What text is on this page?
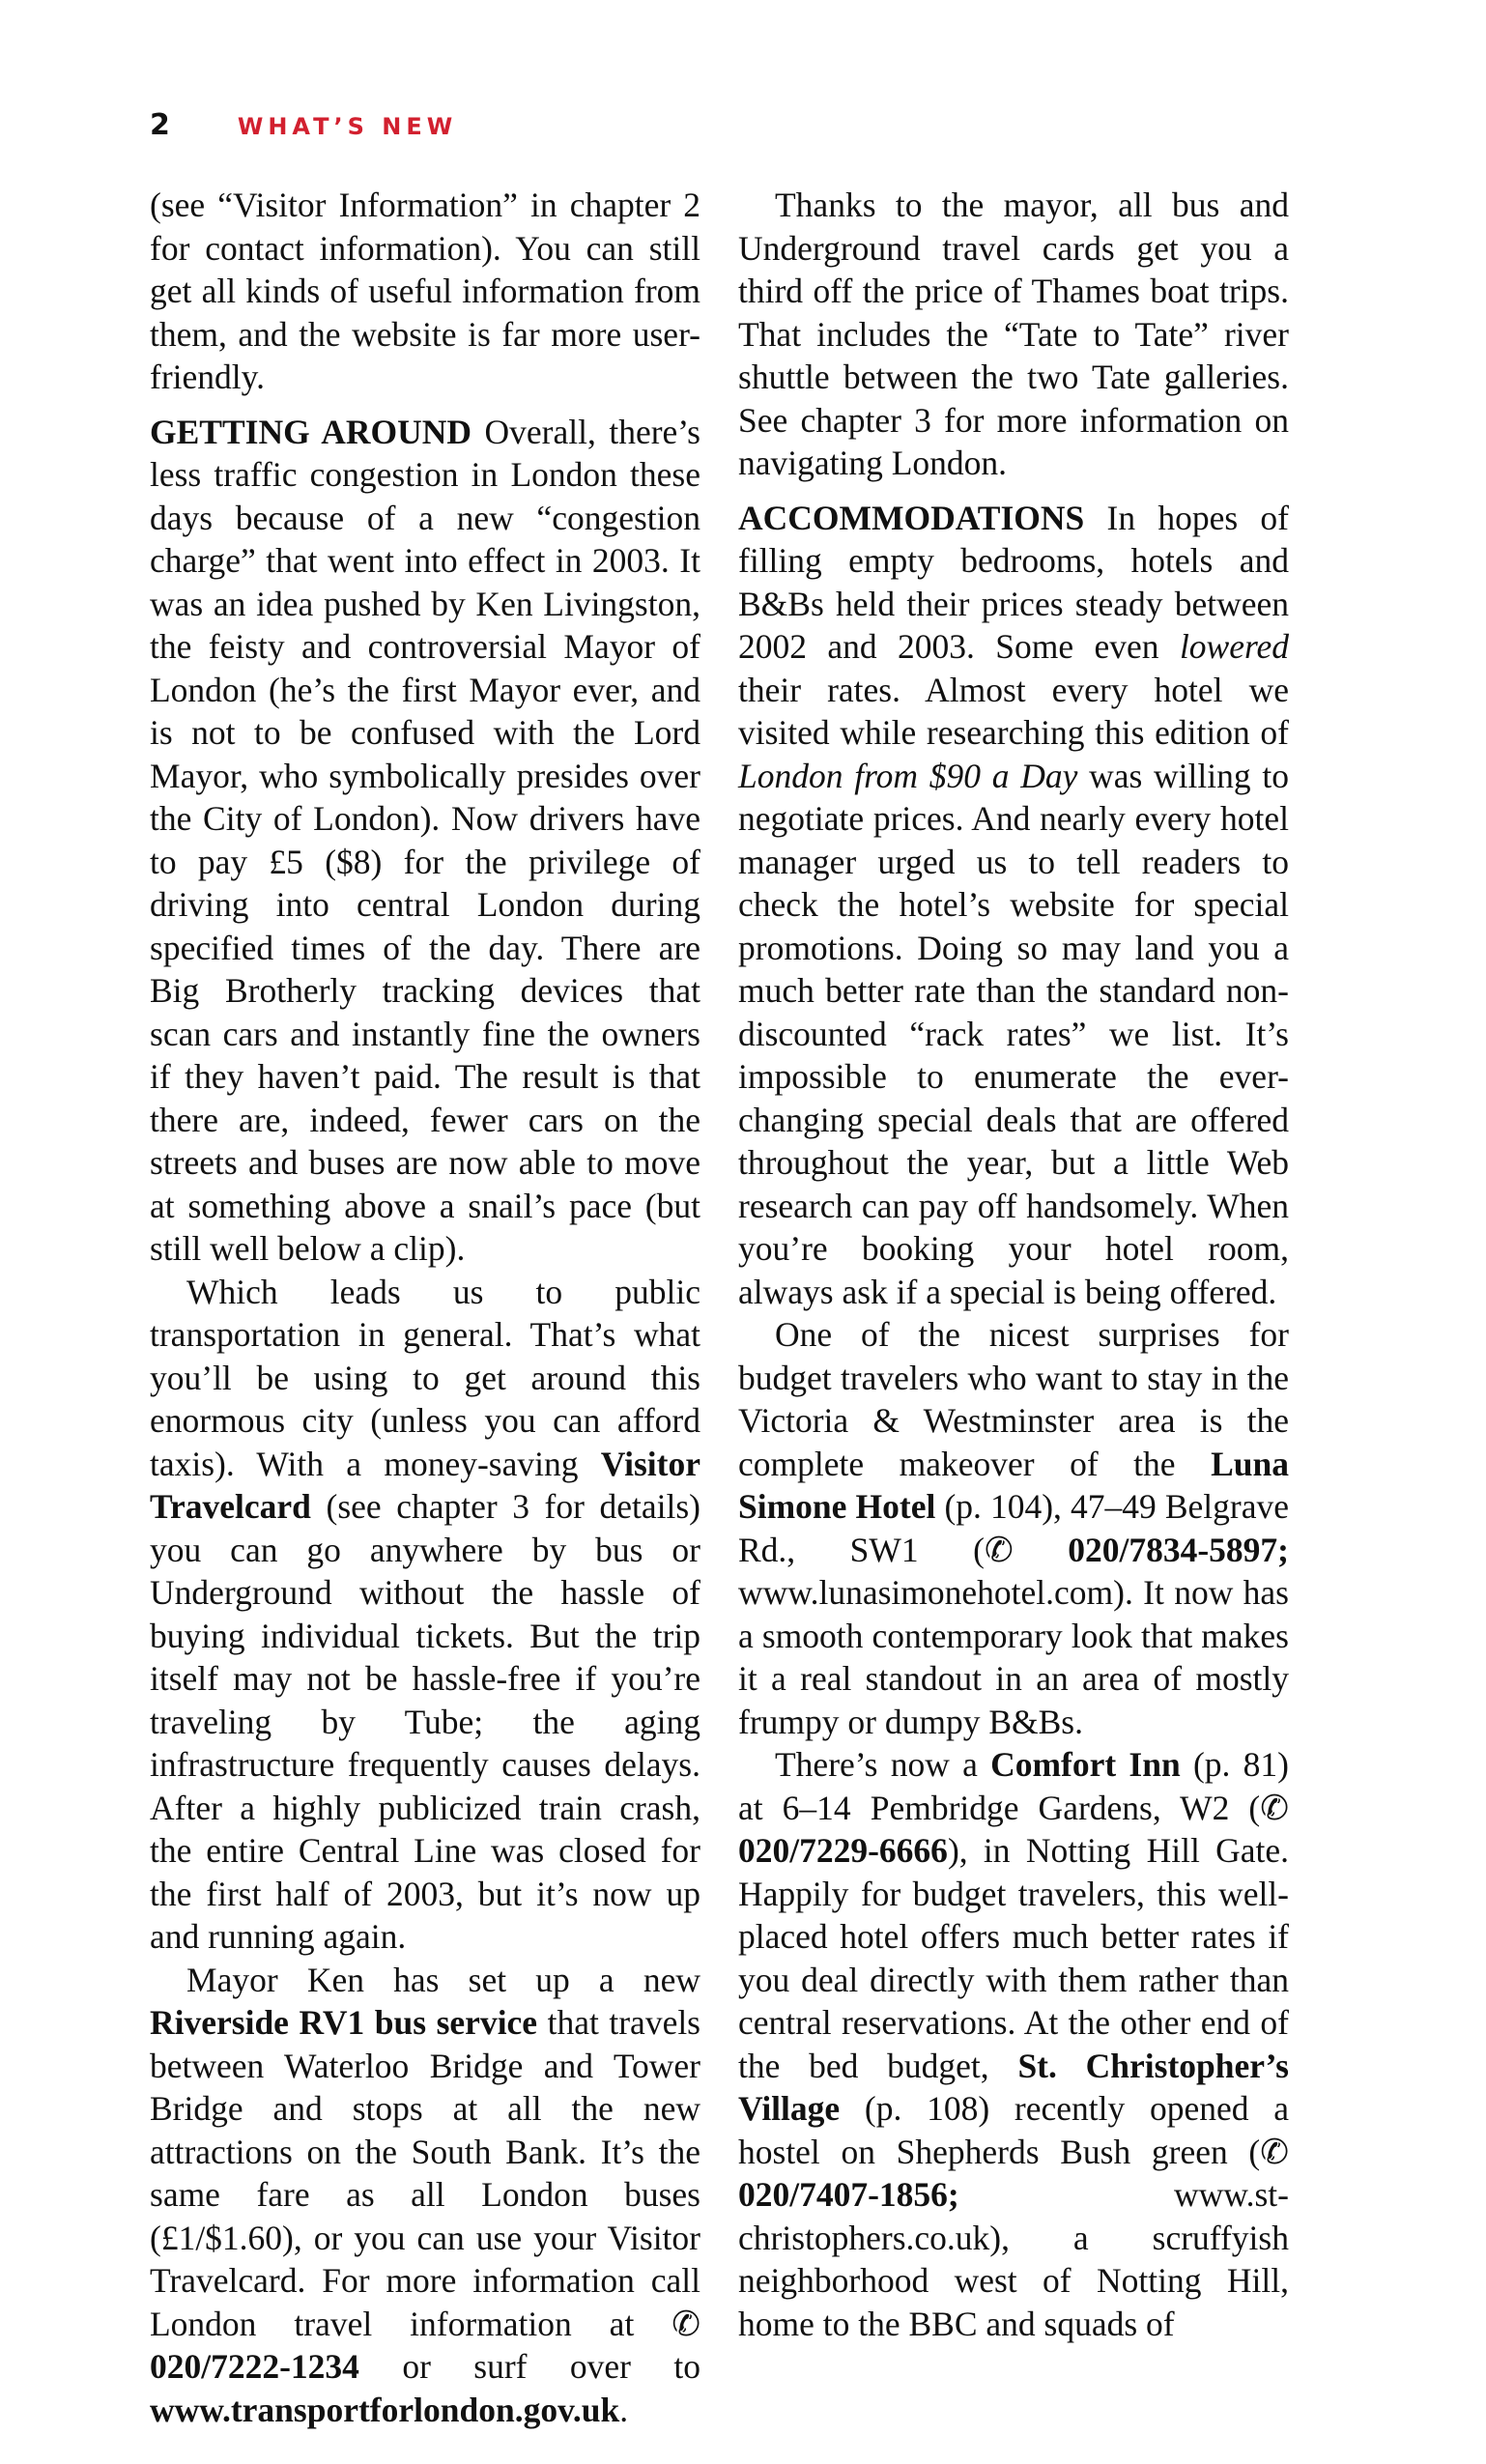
2	WHAT’S NEW

(see “Visitor Information” in chapter 2 for contact information). You can still get all kinds of useful information from them, and the website is far more user-friendly.

GETTING AROUND Overall, there’s less traffic congestion in London these days because of a new “congestion charge” that went into effect in 2003. It was an idea pushed by Ken Livingston, the feisty and controversial Mayor of London (he’s the first Mayor ever, and is not to be confused with the Lord Mayor, who symbolically presides over the City of London). Now drivers have to pay £5 ($8) for the privilege of driving into central London during specified times of the day. There are Big Brotherly tracking devices that scan cars and instantly fine the owners if they haven’t paid. The result is that there are, indeed, fewer cars on the streets and buses are now able to move at something above a snail’s pace (but still well below a clip).

Which leads us to public transportation in general. That’s what you’ll be using to get around this enormous city (unless you can afford taxis). With a money-saving Visitor Travelcard (see chapter 3 for details) you can go anywhere by bus or Underground without the hassle of buying individual tickets. But the trip itself may not be hassle-free if you’re traveling by Tube; the aging infrastructure frequently causes delays. After a highly publicized train crash, the entire Central Line was closed for the first half of 2003, but it’s now up and running again.

Mayor Ken has set up a new Riverside RV1 bus service that travels between Waterloo Bridge and Tower Bridge and stops at all the new attractions on the South Bank. It’s the same fare as all London buses (£1/$1.60), or you can use your Visitor Travelcard. For more information call London travel information at ✆ 020/7222-1234 or surf over to www.transportforlondon.gov.uk.

Thanks to the mayor, all bus and Underground travel cards get you a third off the price of Thames boat trips. That includes the “Tate to Tate” river shuttle between the two Tate galleries. See chapter 3 for more information on navigating London.

ACCOMMODATIONS In hopes of filling empty bedrooms, hotels and B&Bs held their prices steady between 2002 and 2003. Some even lowered their rates. Almost every hotel we visited while researching this edition of London from $90 a Day was willing to negotiate prices. And nearly every hotel manager urged us to tell readers to check the hotel’s website for special promotions. Doing so may land you a much better rate than the standard non-discounted “rack rates” we list. It’s impossible to enumerate the ever-changing special deals that are offered throughout the year, but a little Web research can pay off handsomely. When you’re booking your hotel room, always ask if a special is being offered.

One of the nicest surprises for budget travelers who want to stay in the Victoria & Westminster area is the complete makeover of the Luna Simone Hotel (p. 104), 47–49 Belgrave Rd., SW1 (✆ 020/7834-5897; www.lunasimonehotel.com). It now has a smooth contemporary look that makes it a real standout in an area of mostly frumpy or dumpy B&Bs.

There’s now a Comfort Inn (p. 81) at 6–14 Pembridge Gardens, W2 (✆ 020/7229-6666), in Notting Hill Gate. Happily for budget travelers, this well-placed hotel offers much better rates if you deal directly with them rather than central reservations. At the other end of the bed budget, St. Christopher’s Village (p. 108) recently opened a hostel on Shepherds Bush green (✆ 020/7407-1856; www.st-christophers.co.uk), a scruffyish neighborhood west of Notting Hill, home to the BBC and squads of
